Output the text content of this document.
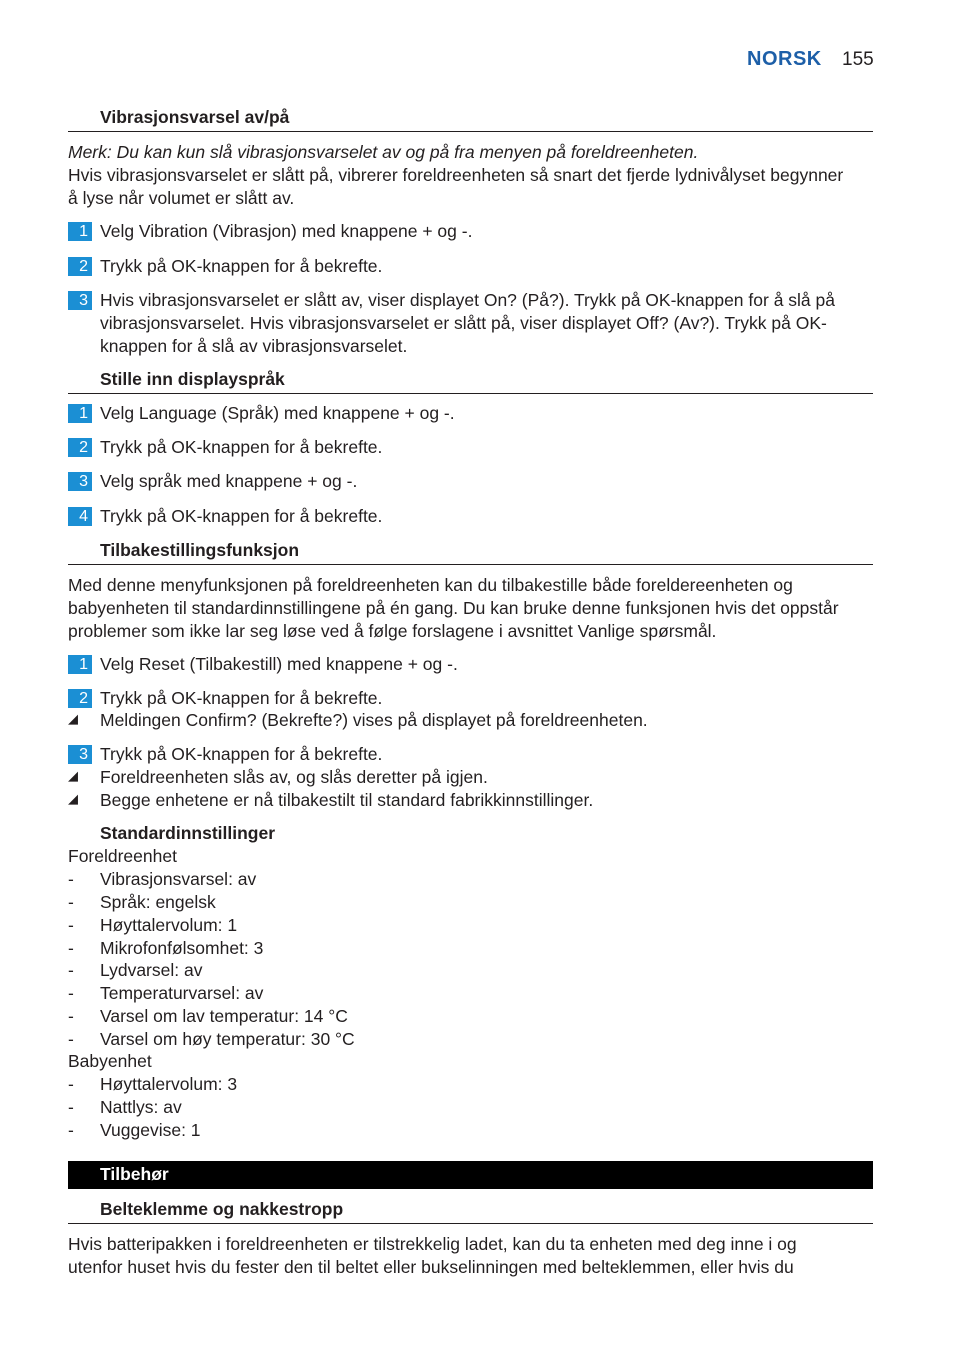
NORSK 155
Vibrasjonsvarsel av/på
Merk: Du kan kun slå vibrasjonsvarselet av og på fra menyen på foreldreenheten.
Hvis vibrasjonsvarselet er slått på, vibrerer foreldreenheten så snart det fjerde lydnivålyset begynner
å lyse når volumet er slått av.
1 Velg Vibration (Vibrasjon) med knappene + og -.
2 Trykk på OK-knappen for å bekrefte.
3 Hvis vibrasjonsvarselet er slått av, viser displayet On? (På?). Trykk på OK-knappen for å slå på
vibrasjonsvarselet. Hvis vibrasjonsvarselet er slått på, viser displayet Off? (Av?). Trykk på OK-
knappen for å slå av vibrasjonsvarselet.
Stille inn displayspråk
1 Velg Language (Språk) med knappene + og -.
2 Trykk på OK-knappen for å bekrefte.
3 Velg språk med knappene + og -.
4 Trykk på OK-knappen for å bekrefte.
Tilbakestillingsfunksjon
Med denne menyfunksjonen på foreldreenheten kan du tilbakestille både foreldereenheten og
babyenheten til standardinnstillingene på én gang. Du kan bruke denne funksjonen hvis det oppstår
problemer som ikke lar seg løse ved å følge forslagene i avsnittet Vanlige spørsmål.
1 Velg Reset (Tilbakestill) med knappene + og -.
2 Trykk på OK-knappen for å bekrefte.
◢ Meldingen Confirm? (Bekrefte?) vises på displayet på foreldreenheten.
3 Trykk på OK-knappen for å bekrefte.
◢ Foreldreenheten slås av, og slås deretter på igjen.
◢ Begge enhetene er nå tilbakestilt til standard fabrikkinnstillinger.
Standardinnstillinger
Foreldreenhet
- Vibrasjonsvarsel: av
- Språk: engelsk
- Høyttalervolum: 1
- Mikrofonfølsomhet: 3
- Lydvarsel: av
- Temperaturvarsel: av
- Varsel om lav temperatur: 14 °C
- Varsel om høy temperatur: 30 °C
Babyenhet
- Høyttalervolum: 3
- Nattlys: av
- Vuggevise: 1
Tilbehør
Belteklemme og nakkestropp
Hvis batteripakken i foreldreenheten er tilstrekkelig ladet, kan du ta enheten med deg inne i og
utenfor huset hvis du fester den til beltet eller bukselinningen med belteklemmen, eller hvis du
